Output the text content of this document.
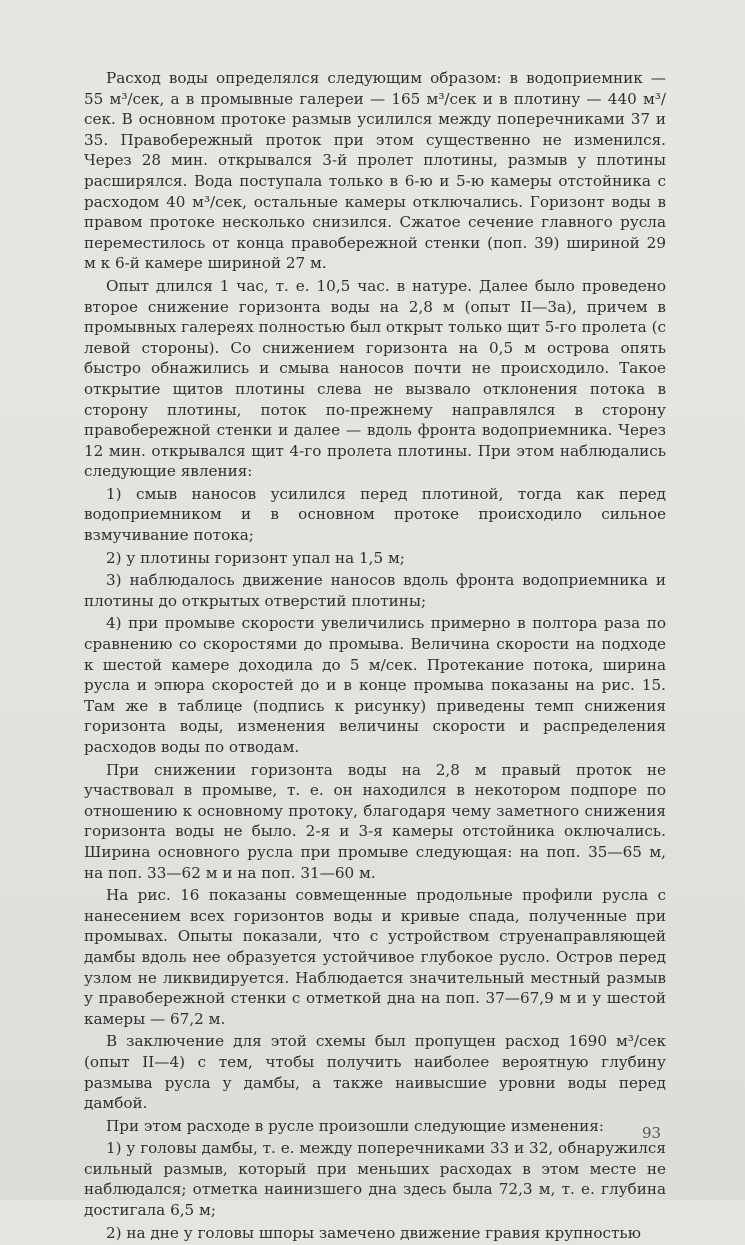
Расход воды определялся следующим образом: в водоприемник — 55 м³/сек, а в промывные галереи — 165 м³/сек и в плотину — 440 м³/сек. В основном протоке размыв усилился между поперечниками 37 и 35. Правобережный проток при этом существенно не изменился. Через 28 мин. открывался 3-й пролет плотины, размыв у плотины расширялся. Вода поступала только в 6-ю и 5-ю камеры отстойника с расходом 40 м³/сек, остальные камеры отключались. Горизонт воды в правом протоке несколько снизился. Сжатое сечение главного русла переместилось от конца правобережной стенки (поп. 39) шириной 29 м к 6-й камере шириной 27 м.

Опыт длился 1 час, т. е. 10,5 час. в натуре. Далее было проведено второе снижение горизонта воды на 2,8 м (опыт II—3а), причем в промывных галереях полностью был открыт только щит 5-го пролета (с левой стороны). Со снижением горизонта на 0,5 м острова опять быстро обнажились и смыва наносов почти не происходило. Такое открытие щитов плотины слева не вызвало отклонения потока в сторону плотины, поток по-прежнему направлялся в сторону правобережной стенки и далее — вдоль фронта водоприемника. Через 12 мин. открывался щит 4-го пролета плотины. При этом наблюдались следующие явления:

1) смыв наносов усилился перед плотиной, тогда как перед водоприемником и в основном протоке происходило сильное взмучивание потока;

2) у плотины горизонт упал на 1,5 м;

3) наблюдалось движение наносов вдоль фронта водоприемника и плотины до открытых отверстий плотины;

4) при промыве скорости увеличились примерно в полтора раза по сравнению со скоростями до промыва. Величина скорости на подходе к шестой камере доходила до 5 м/сек. Протекание потока, ширина русла и эпюра скоростей до и в конце промыва показаны на рис. 15. Там же в таблице (подпись к рисунку) приведены темп снижения горизонта воды, изменения величины скорости и распределения расходов воды по отводам.

При снижении горизонта воды на 2,8 м правый проток не участвовал в промыве, т. е. он находился в некотором подпоре по отношению к основному протоку, благодаря чему заметного снижения горизонта воды не было. 2-я и 3-я камеры отстойника оключались. Ширина основного русла при промыве следующая: на поп. 35—65 м, на поп. 33—62 м и на поп. 31—60 м.

На рис. 16 показаны совмещенные продольные профили русла с нанесением всех горизонтов воды и кривые спада, полученные при промывах. Опыты показали, что с устройством струенаправляющей дамбы вдоль нее образуется устойчивое глубокое русло. Остров перед узлом не ликвидируется. Наблюдается значительный местный размыв у правобережной стенки с отметкой дна на поп. 37—67,9 м и у шестой камеры — 67,2 м.

В заключение для этой схемы был пропущен расход 1690 м³/сек (опыт II—4) с тем, чтобы получить наиболее вероятную глубину размыва русла у дамбы, а также наивысшие уровни воды перед дамбой.

При этом расходе в русле произошли следующие изменения:

1) у головы дамбы, т. е. между поперечниками 33 и 32, обнаружился сильный размыв, который при меньших расходах в этом месте не наблюдался; отметка наинизшего дна здесь была 72,3 м, т. е. глубина достигала 6,5 м;

2) на дне у головы шпоры замечено движение гравия крупностью

93
